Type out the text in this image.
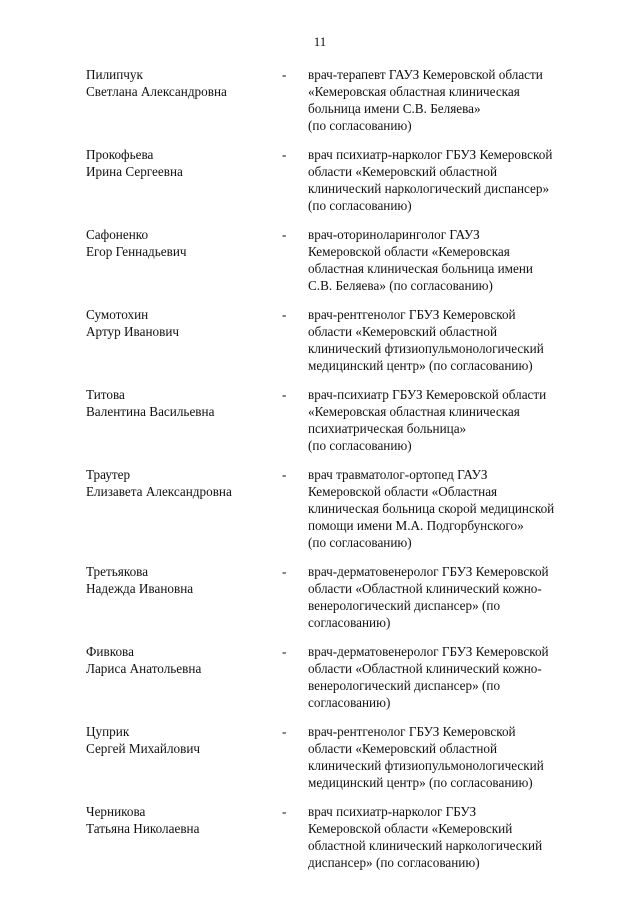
11
Пилипчук
Светлана Александровна
-	врач-терапевт ГАУЗ Кемеровской области
«Кемеровская областная клиническая
больница имени С.В. Беляева»
(по согласованию)
Прокофьева
Ирина Сергеевна
-	врач психиатр-нарколог ГБУЗ Кемеровской
области «Кемеровский областной
клинический наркологический диспансер»
(по согласованию)
Сафоненко
Егор Геннадьевич
-	врач-оториноларинголог ГАУЗ
Кемеровской области «Кемеровская
областная клиническая больница имени
С.В. Беляева» (по согласованию)
Сумотохин
Артур Иванович
-	врач-рентгенолог ГБУЗ Кемеровской
области «Кемеровский областной
клинический фтизиопульмонологический
медицинский центр» (по согласованию)
Титова
Валентина Васильевна
-	врач-психиатр ГБУЗ Кемеровской области
«Кемеровская областная клиническая
психиатрическая больница»
(по согласованию)
Траутер
Елизавета Александровна
-	врач травматолог-ортопед ГАУЗ
Кемеровской области «Областная
клиническая больница скорой медицинской
помощи имени М.А. Подгорбунского»
(по согласованию)
Третьякова
Надежда Ивановна
-	врач-дерматовенеролог ГБУЗ Кемеровской
области «Областной клинический кожно-
венерологический диспансер» (по
согласованию)
Фивкова
Лариса Анатольевна
-	врач-дерматовенеролог ГБУЗ Кемеровской
области «Областной клинический кожно-
венерологический диспансер» (по
согласованию)
Цуприк
Сергей Михайлович
-	врач-рентгенолог ГБУЗ Кемеровской
области «Кемеровский областной
клинический фтизиопульмонологический
медицинский центр» (по согласованию)
Черникова
Татьяна Николаевна
-	врач психиатр-нарколог ГБУЗ
Кемеровской области «Кемеровский
областной клинический наркологический
диспансер» (по согласованию)
